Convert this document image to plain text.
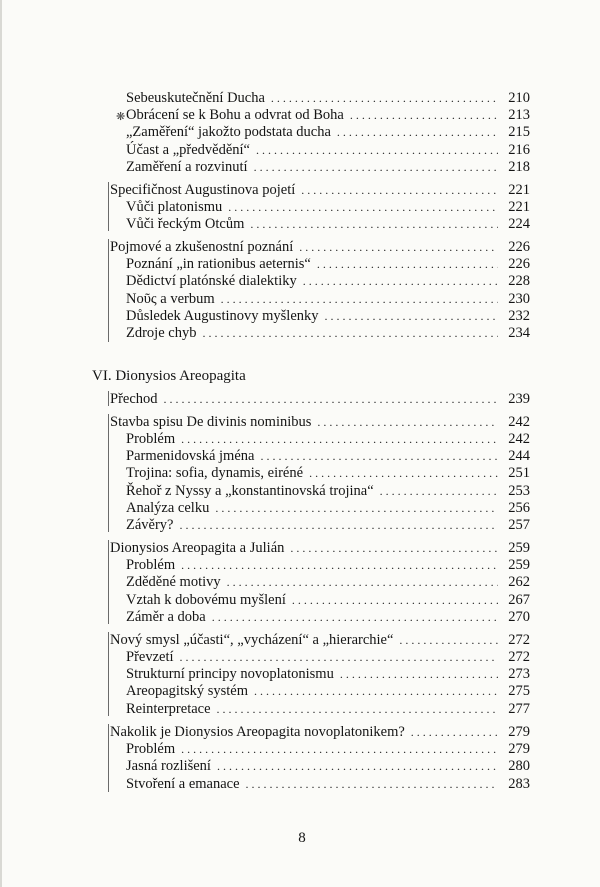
Sebeuskutečnění Ducha . . .	210
Obrácení se k Bohu a odvrat od Boha . . .	213
„Zaměření“ jakožto podstata ducha . . .	215
Účast a „předvědění“ . . .	216
Zaměření a rozvinutí . . .	218
Specifičnost Augustinova pojetí . . .	221
Vůči platonismu . . .	221
Vůči řeckým Otcům . . .	224
Pojmové a zkušenostní poznání . . .	226
Poznání „in rationibus aeternis“ . . .	226
Dědictví platónské dialektiky . . .	228
Νοῦς a verbum . . .	230
Důsledek Augustinovy myšlenky . . .	232
Zdroje chyb . . .	234
Přechod . . .	239
Stavba spisu De divinis nominibus . . .	242
Problém . . .	242
Parmenidovská jména . . .	244
Trojina: sofia, dynamis, eiréné . . .	251
Řehoř z Nyssy a „konstantinovská trojina“ . . .	253
Analýza celku . . .	256
Závěry? . . .	257
Dionysios Areopagita a Julián . . .	259
Problém . . .	259
Zděděné motivy . . .	262
Vztah k dobovému myšlení . . .	267
Záměr a doba . . .	270
Nový smysl „účasti“, „vycházení“ a „hierarchie“ . . .	272
Převzetí . . .	272
Strukturní principy novoplatonismu . . .	273
Areopagitský systém . . .	275
Reinterpretace . . .	277
Nakolik je Dionysios Areopagita novoplatonikem? . . .	279
Problém . . .	279
Jasná rozlišení . . .	280
Stvoření a emanace . . .	283
VI. Dionysios Areopagita
❋
8
